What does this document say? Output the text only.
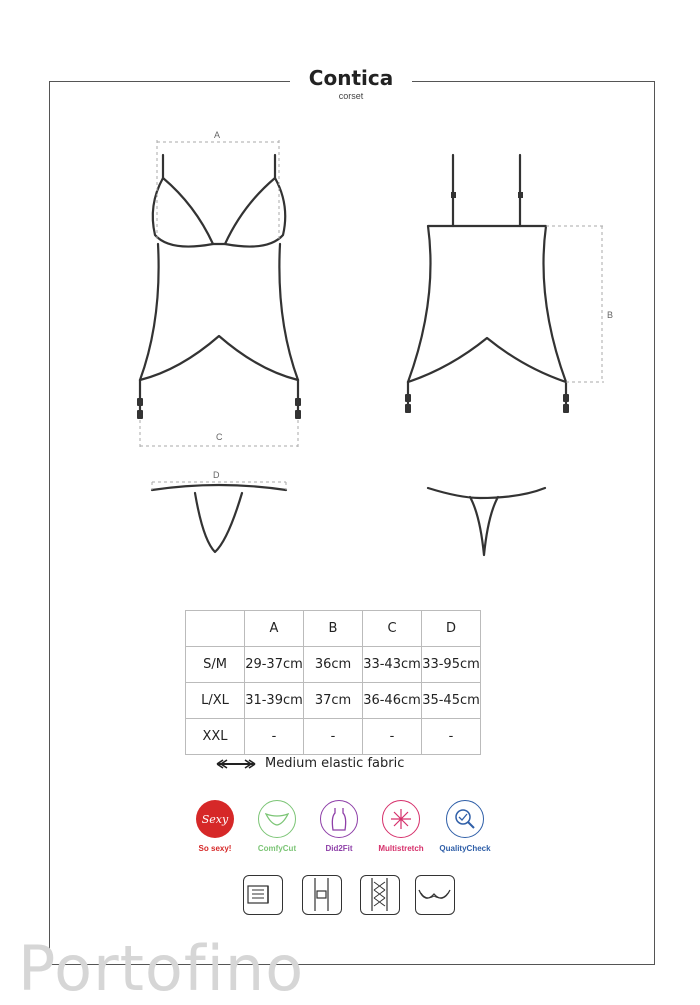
Contica
corset
A
C
B
D
	A	B	C	D
S/M	29-37cm	36cm	33-43cm	33-95cm
L/XL	31-39cm	37cm	36-46cm	35-45cm
XXL	-	-	-	-
Medium elastic fabric
Sexy
So sexy!	ComfyCut	Did2Fit	Multistretch	QualityCheck
Portofino
